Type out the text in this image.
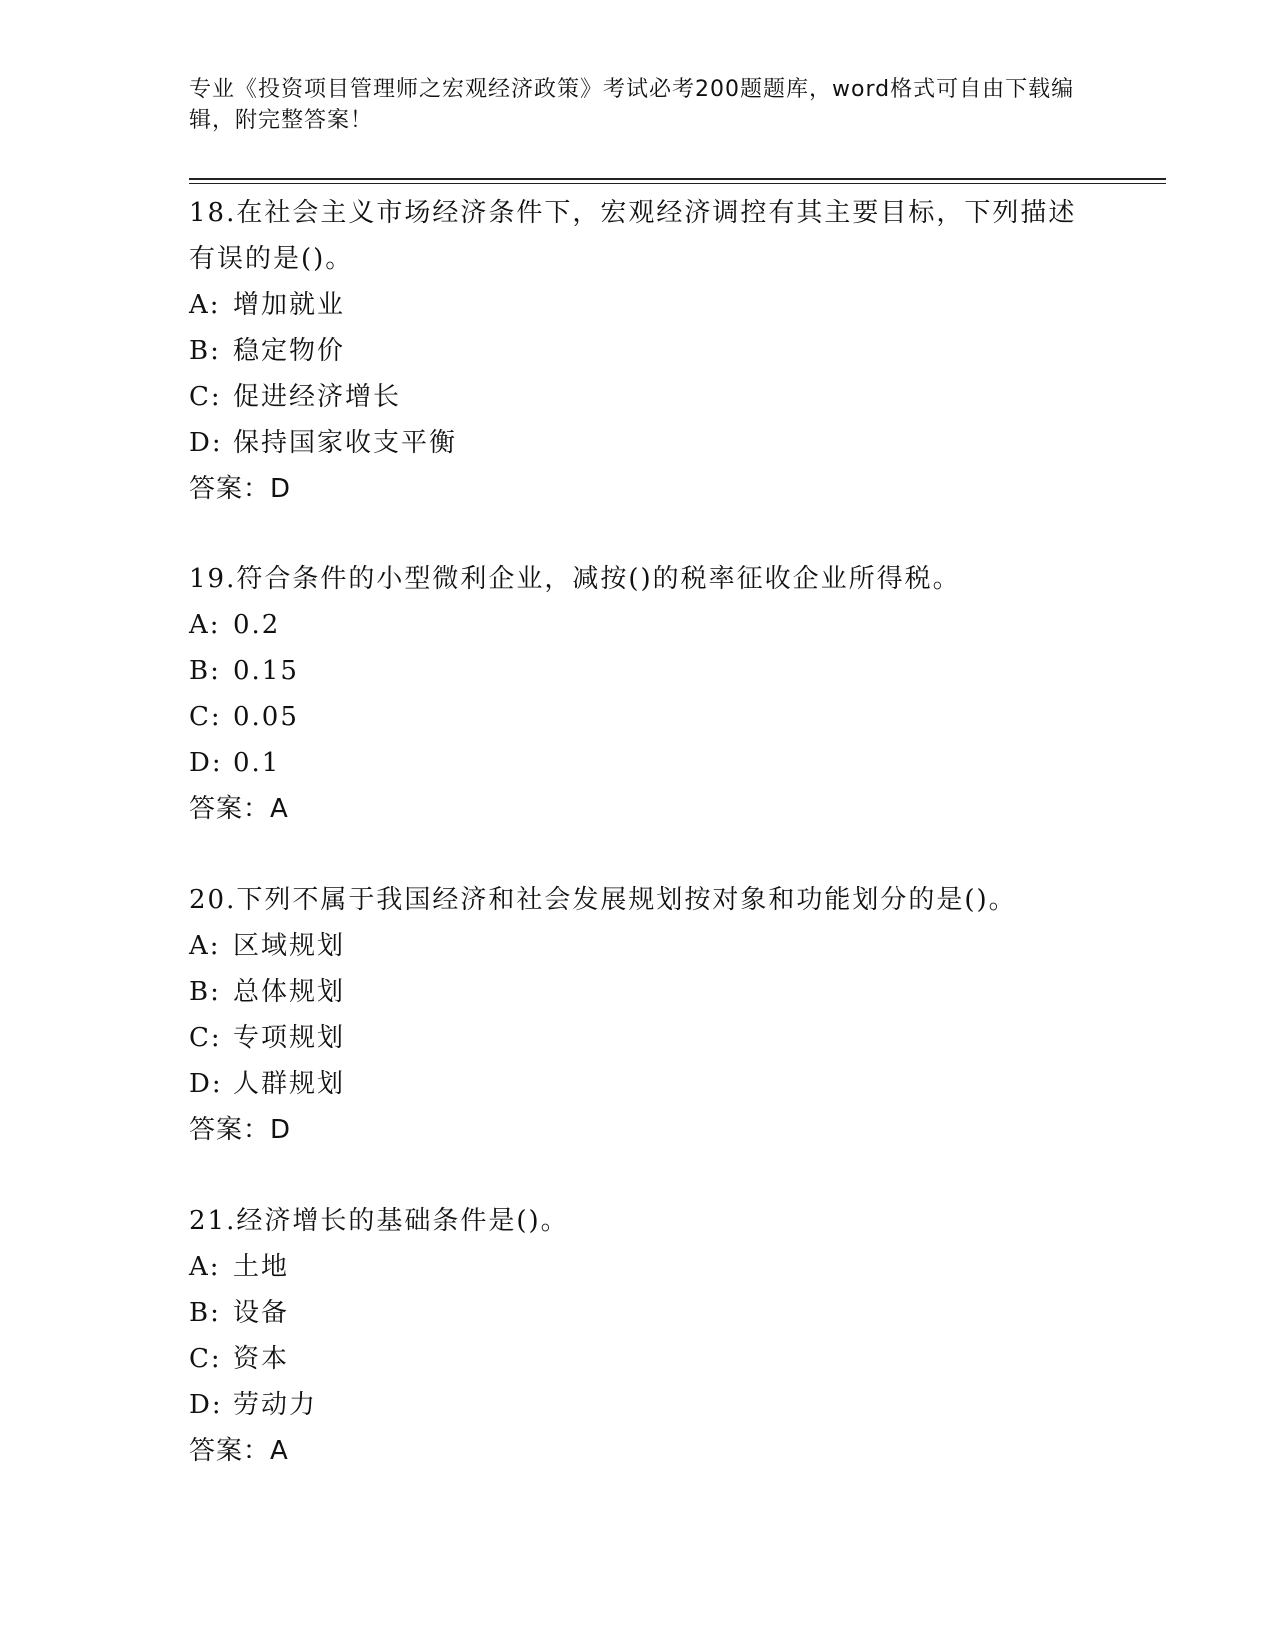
专业《投资项目管理师之宏观经济政策》考试必考200题题库，word格式可自由下载编辑，附完整答案！
18.在社会主义市场经济条件下，宏观经济调控有其主要目标，下列描述有误的是()。
A: 增加就业
B: 稳定物价
C: 促进经济增长
D: 保持国家收支平衡
答案：D
19.符合条件的小型微利企业，减按()的税率征收企业所得税。
A: 0.2
B: 0.15
C: 0.05
D: 0.1
答案：A
20.下列不属于我国经济和社会发展规划按对象和功能划分的是()。
A: 区域规划
B: 总体规划
C: 专项规划
D: 人群规划
答案：D
21.经济增长的基础条件是()。
A: 土地
B: 设备
C: 资本
D: 劳动力
答案：A
